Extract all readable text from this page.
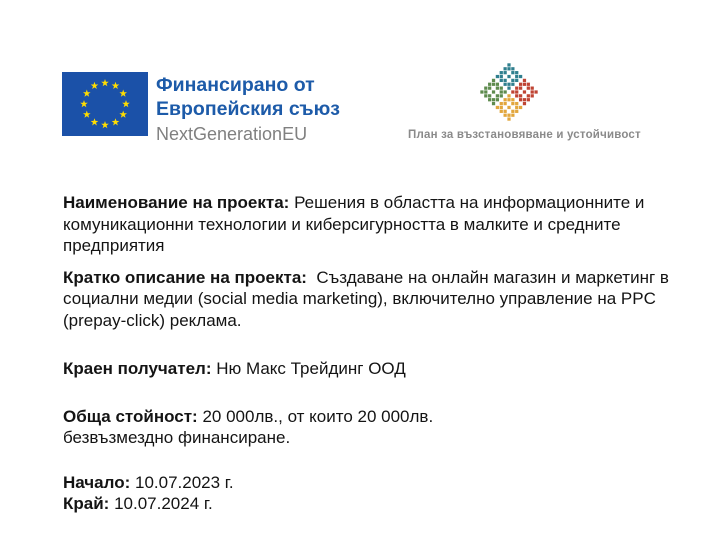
Финансирано от
Европейския съюз
NextGenerationEU	План за възстановяване и устойчивост

Наименование на проекта: Решения в областта на информационните и комуникационни технологии и киберсигурността в малките и средните предприятия

Кратко описание на проекта:  Създаване на онлайн магазин и маркетинг в социални медии (social media marketing), включително управление на PPC (prepay-click) реклама.

Краен получател: Ню Макс Трейдинг ООД

Обща стойност: 20 000лв., от които 20 000лв.
безвъзмездно финансиране.

Начало: 10.07.2023 г.

Край: 10.07.2024 г.
